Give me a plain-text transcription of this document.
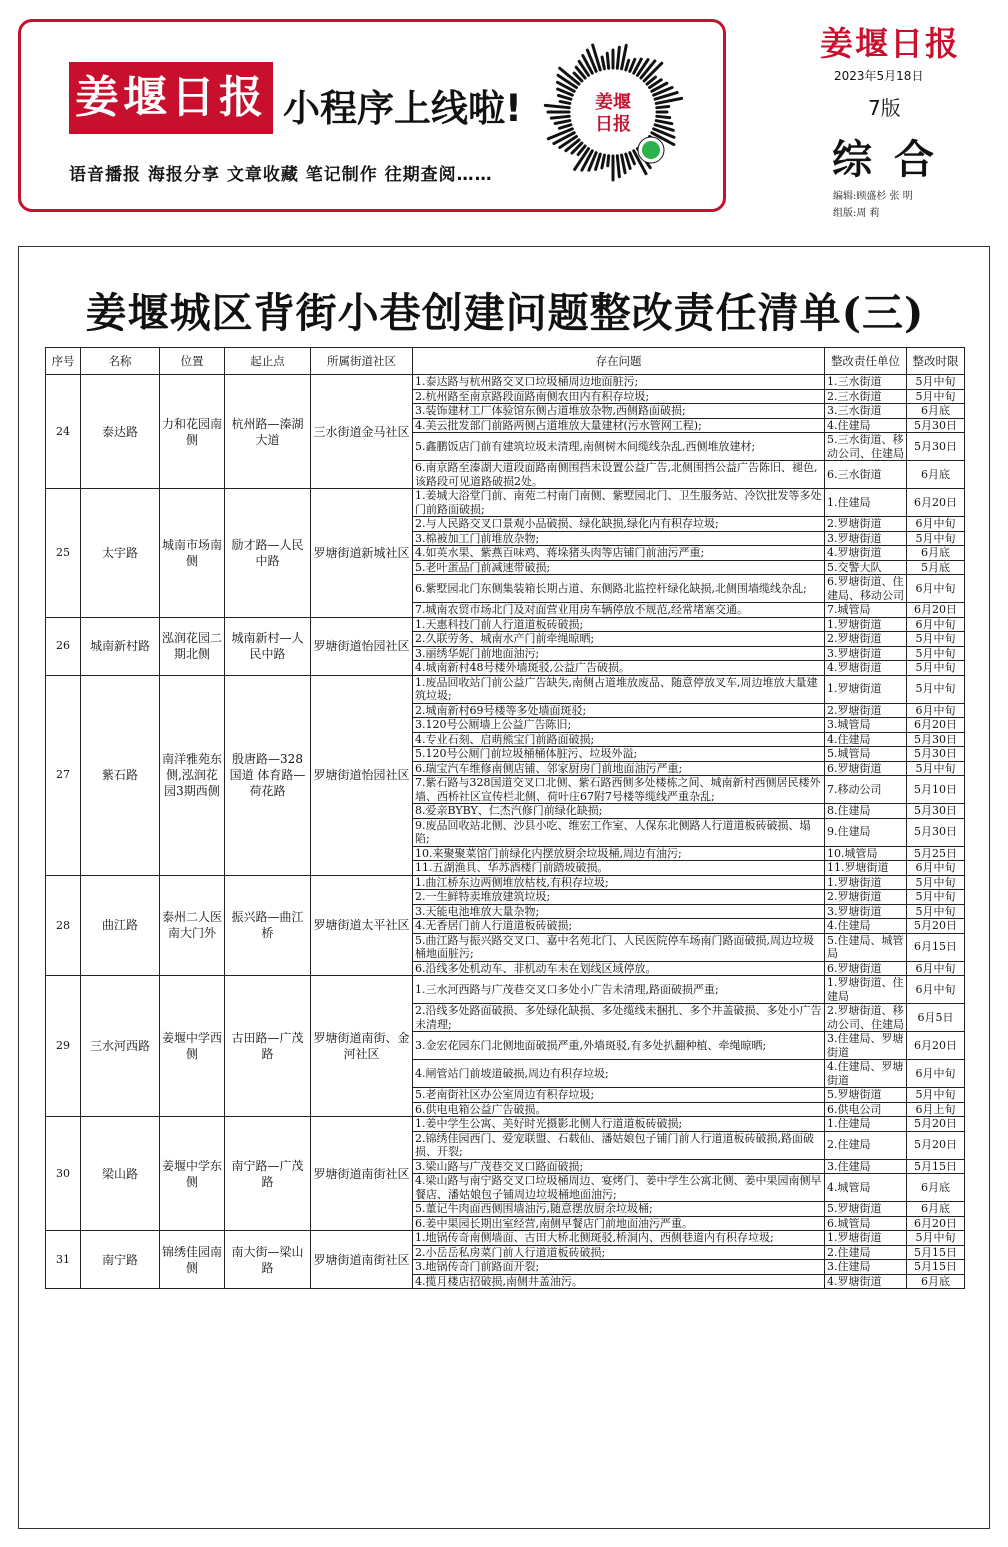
姜堰日报 小程序上线啦!
语音播报 海报分享 文章收藏 笔记制作 往期查阅……
姜堰
日报
姜堰日报
2023年5月18日
7版
综合
编辑:顾盛杉 张 明
组版:周 莉
姜堰城区背街小巷创建问题整改责任清单(三)
序号	名称	位置	起止点	所属街道社区	存在问题	整改责任单位	整改时限
24	泰达路	力和花园南侧	杭州路—溱湖大道	三水街道金马社区	1.泰达路与杭州路交叉口垃圾桶周边地面脏污;	1.三水街道	5月中旬
					2.杭州路至南京路段面路南侧农田内有积存垃圾;	2.三水街道	5月中旬
					3.装饰建材工厂体验馆东侧占道堆放杂物,西侧路面破损;	3.三水街道	6月底
					4.美云批发部门前路两侧占道堆放大量建材(污水管网工程);	4.住建局	5月30日
					5.鑫鹏饭店门前有建筑垃圾未清理,南侧树木间缆线杂乱,西侧堆放建材;	5.三水街道、移动公司、住建局	5月30日
					6.南京路至溱湖大道段面路南侧围挡未设置公益广告,北侧围挡公益广告陈旧、褪色,该路段可见道路破损2处。	6.三水街道	6月底
25	太宇路	城南市场南侧	励才路—人民中路	罗塘街道新城社区	1.姜城大浴堂门前、南苑二村南门南侧、紫墅园北门、卫生服务站、冷饮批发等多处门前路面破损;	1.住建局	6月20日
					2.与人民路交叉口景观小品破损、绿化缺损,绿化内有积存垃圾;	2.罗塘街道	6月中旬
					3.棉被加工门前堆放杂物;	3.罗塘街道	5月中旬
					4.如英水果、紫燕百味鸡、蒋垛猪头肉等店铺门前油污严重;	4.罗塘街道	6月底
					5.老叶蛋品门前减速带破损;	5.交警大队	5月底
					6.紫墅园北门东侧集装箱长期占道、东侧路北监控杆绿化缺损,北侧围墙缆线杂乱;	6.罗塘街道、住建局、移动公司	6月中旬
					7.城南农贸市场北门及对面营业用房车辆停放不规范,经常堵塞交通。	7.城管局	6月20日
26	城南新村路	泓润花园二期北侧	城南新村—人民中路	罗塘街道怡园社区	1.天惠科技门前人行道道板砖破损;	1.罗塘街道	6月中旬
					2.久联劳务、城南水产门前牵绳晾晒;	2.罗塘街道	5月中旬
					3.丽绣华妮门前地面油污;	3.罗塘街道	5月中旬
					4.城南新村48号楼外墙斑驳,公益广告破损。	4.罗塘街道	5月中旬
27	紫石路	南洋雅苑东侧,泓润花园3期西侧	殷唐路—328国道 体育路—荷花路	罗塘街道怡园社区	1.废品回收站门前公益广告缺失,南侧占道堆放废品、随意停放叉车,周边堆放大量建筑垃圾;	1.罗塘街道	5月中旬
					2.城南新村69号楼等多处墙面斑驳;	2.罗塘街道	6月中旬
					3.120号公厕墙上公益广告陈旧;	3.城管局	6月20日
					4.专业石刻、启萌熊宝门前路面破损;	4.住建局	5月30日
					5.120号公厕门前垃圾桶桶体脏污、垃圾外溢;	5.城管局	5月30日
					6.瑞宝汽车维修南侧店铺、邻家厨房门前地面油污严重;	6.罗塘街道	5月中旬
					7.紫石路与328国道交叉口北侧、紫石路西侧多处楼栋之间、城南新村西侧居民楼外墙、西桥社区宣传栏北侧、荷叶庄67附7号楼等缆线严重杂乱;	7.移动公司	5月10日
					8.爱亲BYBY、仁杰汽修门前绿化缺损;	8.住建局	5月30日
					9.废品回收站北侧、沙县小吃、维宏工作室、人保东北侧路人行道道板砖破损、塌陷;	9.住建局	5月30日
					10.来聚聚菜馆门前绿化内摆放厨余垃圾桶,周边有油污;	10.城管局	5月25日
					11.五湖渔具、华苏酒楼门前踏坡破损。	11.罗塘街道	6月中旬
28	曲江路	泰州二人医南大门外	振兴路—曲江桥	罗塘街道太平社区	1.曲江桥东边两侧堆放枯枝,有积存垃圾;	1.罗塘街道	5月中旬
					2.一生鲜特卖堆放建筑垃圾;	2.罗塘街道	5月中旬
					3.天能电池堆放大量杂物;	3.罗塘街道	5月中旬
					4.无香居门前人行道道板砖破损;	4.住建局	5月20日
					5.曲江路与振兴路交叉口、嘉中名苑北门、人民医院停车场南门路面破损,周边垃圾桶地面脏污;	5.住建局、城管局	6月15日
					6.沿线多处机动车、非机动车未在划线区域停放。	6.罗塘街道	6月中旬
29	三水河西路	姜堰中学西侧	古田路—广茂路	罗塘街道南街、金河社区	1.三水河西路与广茂巷交叉口多处小广告未清理,路面破损严重;	1.罗塘街道、住建局	6月中旬
					2.沿线多处路面破损、多处绿化缺损、多处缆线未捆扎、多个井盖破损、多处小广告未清理;	2.罗塘街道、移动公司、住建局	6月5日
					3.金宏花园东门北侧地面破损严重,外墙斑驳,有多处扒翻种植、牵绳晾晒;	3.住建局、罗塘街道	6月20日
					4.闸管站门前坡道破损,周边有积存垃圾;	4.住建局、罗塘街道	6月中旬
					5.老南街社区办公室周边有积存垃圾;	5.罗塘街道	5月中旬
					6.供电电箱公益广告破损。	6.供电公司	6月上旬
30	梁山路	姜堰中学东侧	南宁路—广茂路	罗塘街道南街社区	1.姜中学生公寓、美好时光摄影北侧人行道道板砖破损;	1.住建局	5月20日
					2.锦绣佳园西门、爱宠联盟、石载仙、潘姑娘包子铺门前人行道道板砖破损,路面破损、开裂;	2.住建局	5月20日
					3.梁山路与广茂巷交叉口路面破损;	3.住建局	5月15日
					4.梁山路与南宁路交叉口垃圾桶周边、宴烤门、姜中学生公寓北侧、姜中果园南侧早餐店、潘姑娘包子铺周边垃圾桶地面油污;	4.城管局	6月底
					5.董记牛肉面西侧围墙油污,随意摆放厨余垃圾桶;	5.罗塘街道	6月底
					6.姜中果园长期出室经营,南侧早餐店门前地面油污严重。	6.城管局	6月20日
31	南宁路	锦绣佳园南侧	南大街—梁山路	罗塘街道南街社区	1.地锅传奇南侧墙面、古田大桥北侧斑驳,桥洞内、西侧巷道内有积存垃圾;	1.罗塘街道	5月中旬
					2.小岳岳私房菜门前人行道道板砖破损;	2.住建局	5月15日
					3.地锅传奇门前路面开裂;	3.住建局	5月15日
					4.揽月楼店招破损,南侧井盖油污。	4.罗塘街道	6月底
